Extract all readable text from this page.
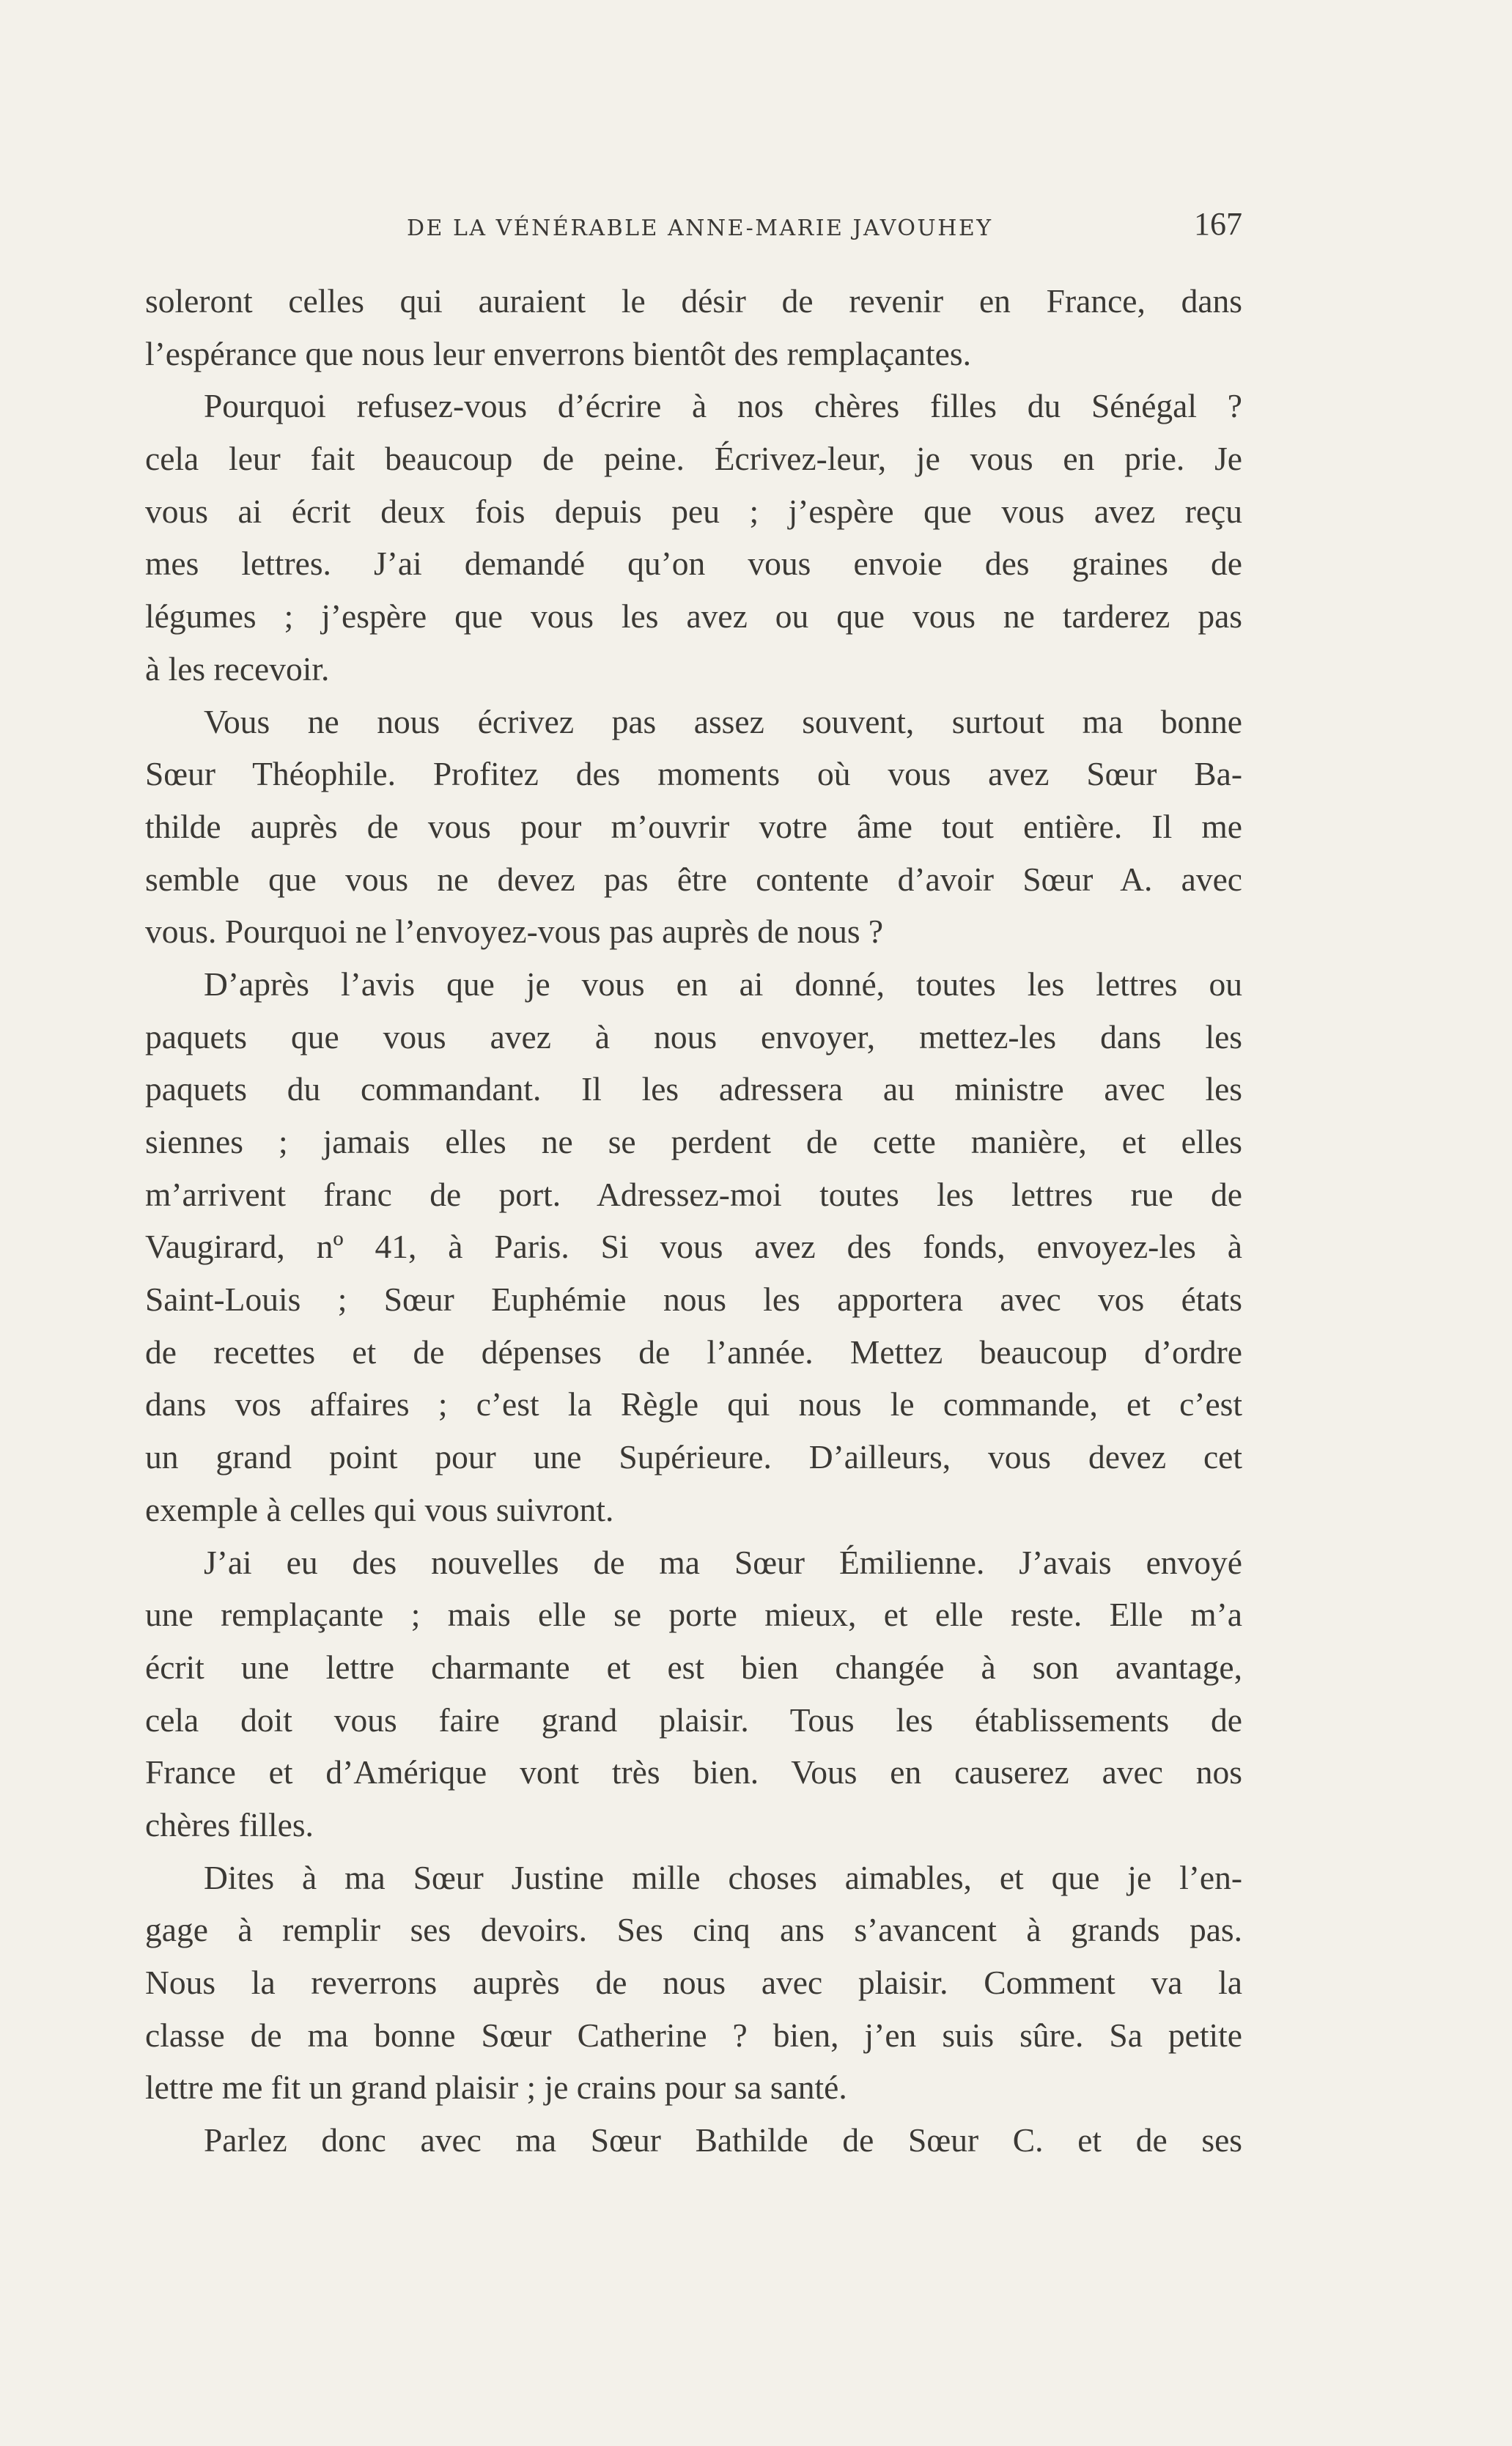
DE LA VÉNÉRABLE ANNE-MARIE JAVOUHEY	167
soleront celles qui auraient le désir de revenir en France, dans
l’espérance que nous leur enverrons bientôt des remplaçantes.
Pourquoi refusez-vous d’écrire à nos chères filles du Sénégal ?
cela leur fait beaucoup de peine. Écrivez-leur, je vous en prie. Je
vous ai écrit deux fois depuis peu ; j’espère que vous avez reçu
mes lettres. J’ai demandé qu’on vous envoie des graines de
légumes ; j’espère que vous les avez ou que vous ne tarderez pas
à les recevoir.
Vous ne nous écrivez pas assez souvent, surtout ma bonne
Sœur Théophile. Profitez des moments où vous avez Sœur Ba-
thilde auprès de vous pour m’ouvrir votre âme tout entière. Il me
semble que vous ne devez pas être contente d’avoir Sœur A. avec
vous. Pourquoi ne l’envoyez-vous pas auprès de nous ?
D’après l’avis que je vous en ai donné, toutes les lettres ou
paquets que vous avez à nous envoyer, mettez-les dans les
paquets du commandant. Il les adressera au ministre avec les
siennes ; jamais elles ne se perdent de cette manière, et elles
m’arrivent franc de port. Adressez-moi toutes les lettres rue de
Vaugirard, nº 41, à Paris. Si vous avez des fonds, envoyez-les à
Saint-Louis ; Sœur Euphémie nous les apportera avec vos états
de recettes et de dépenses de l’année. Mettez beaucoup d’ordre
dans vos affaires ; c’est la Règle qui nous le commande, et c’est
un grand point pour une Supérieure. D’ailleurs, vous devez cet
exemple à celles qui vous suivront.
J’ai eu des nouvelles de ma Sœur Émilienne. J’avais envoyé
une remplaçante ; mais elle se porte mieux, et elle reste. Elle m’a
écrit une lettre charmante et est bien changée à son avantage,
cela doit vous faire grand plaisir. Tous les établissements de
France et d’Amérique vont très bien. Vous en causerez avec nos
chères filles.
Dites à ma Sœur Justine mille choses aimables, et que je l’en-
gage à remplir ses devoirs. Ses cinq ans s’avancent à grands pas.
Nous la reverrons auprès de nous avec plaisir. Comment va la
classe de ma bonne Sœur Catherine ? bien, j’en suis sûre. Sa petite
lettre me fit un grand plaisir ; je crains pour sa santé.
Parlez donc avec ma Sœur Bathilde de Sœur C. et de ses
